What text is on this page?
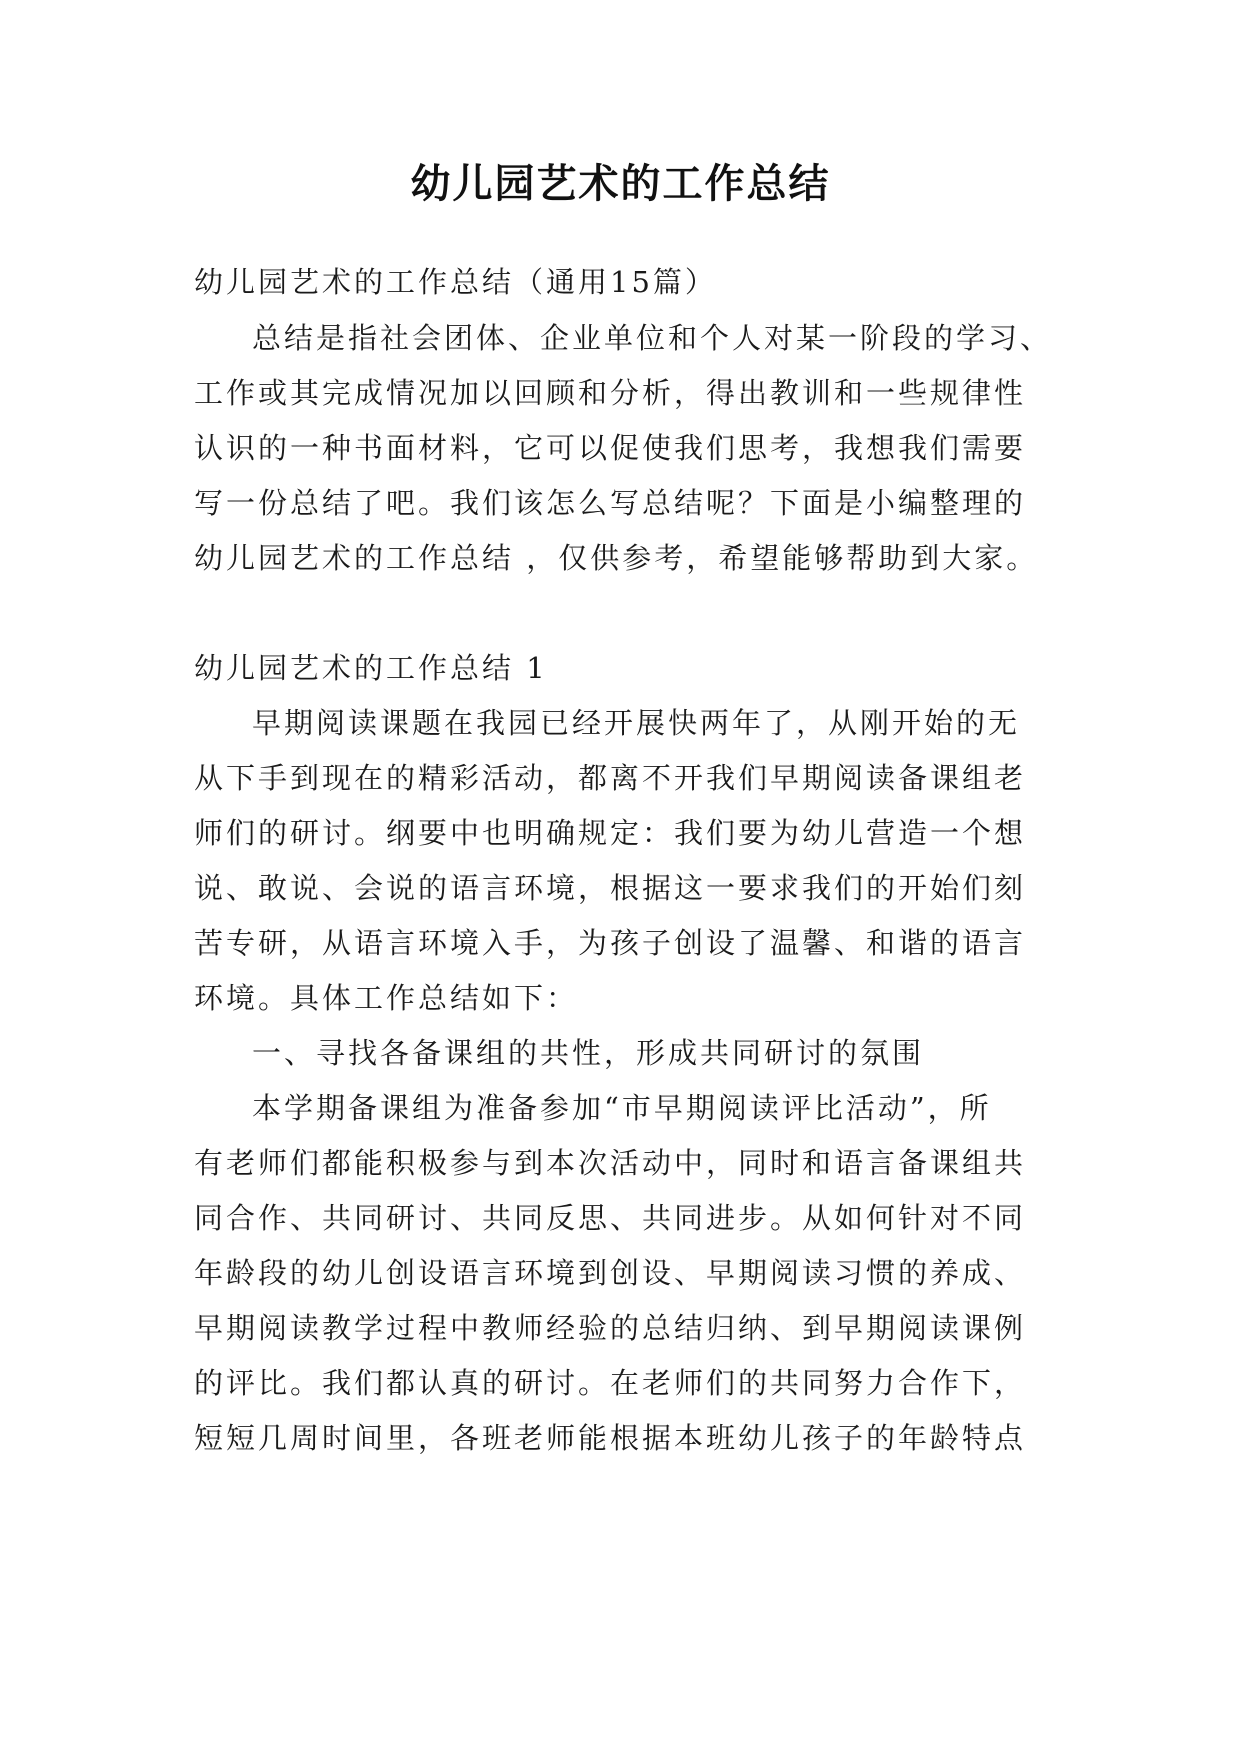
幼儿园艺术的工作总结
幼儿园艺术的工作总结（通用15篇）
总结是指社会团体、企业单位和个人对某一阶段的学习、
工作或其完成情况加以回顾和分析，得出教训和一些规律性
认识的一种书面材料，它可以促使我们思考，我想我们需要
写一份总结了吧。我们该怎么写总结呢？下面是小编整理的
幼儿园艺术的工作总结 ，仅供参考，希望能够帮助到大家。
幼儿园艺术的工作总结 1
早期阅读课题在我园已经开展快两年了，从刚开始的无
从下手到现在的精彩活动，都离不开我们早期阅读备课组老
师们的研讨。纲要中也明确规定：我们要为幼儿营造一个想
说、敢说、会说的语言环境，根据这一要求我们的开始们刻
苦专研，从语言环境入手，为孩子创设了温馨、和谐的语言
环境。具体工作总结如下：
一、寻找各备课组的共性，形成共同研讨的氛围
本学期备课组为准备参加“市早期阅读评比活动”，所
有老师们都能积极参与到本次活动中，同时和语言备课组共
同合作、共同研讨、共同反思、共同进步。从如何针对不同
年龄段的幼儿创设语言环境到创设、早期阅读习惯的养成、
早期阅读教学过程中教师经验的总结归纳、到早期阅读课例
的评比。我们都认真的研讨。在老师们的共同努力合作下，
短短几周时间里，各班老师能根据本班幼儿孩子的年龄特点
